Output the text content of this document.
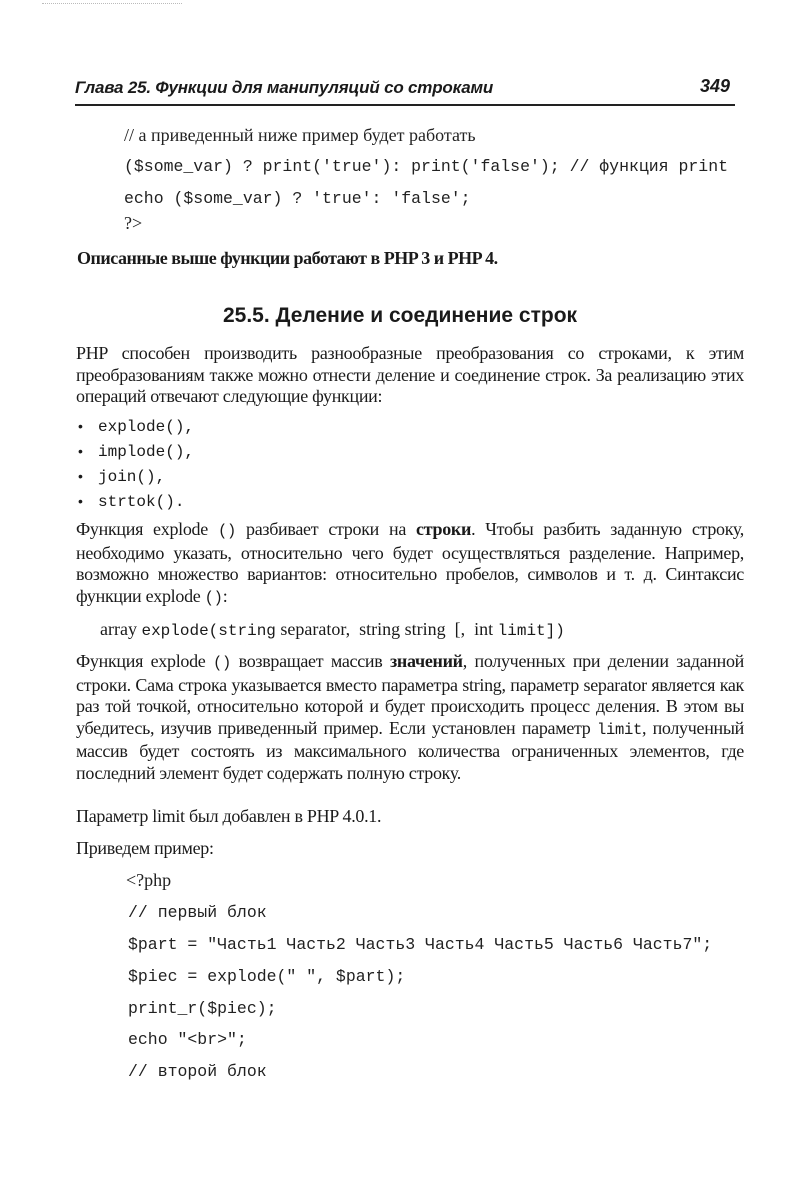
Глава 25. Функции для манипуляций со строками	349
// а приведенный ниже пример будет работать
($some_var) ? print('true'): print('false'); // функция print
echo ($some_var) ? 'true': 'false';
?>
Описанные выше функции работают в PHP 3 и PHP 4.
25.5. Деление и соединение строк
PHP способен производить разнообразные преобразования со строками, к этим преобразованиям также можно отнести деление и соединение строк. За реализацию этих операций отвечают следующие функции:
• explode(),
• implode(),
• join(),
• strtok().
Функция explode () разбивает строки на строки. Чтобы разбить заданную строку, необходимо указать, относительно чего будет осуществляться разделение. Например, возможно множество вариантов: относительно пробелов, символов и т. д. Синтаксис функции explode ():
array explode(string separator,  string string  [,  int limit])
Функция explode () возвращает массив значений, полученных при делении заданной строки. Сама строка указывается вместо параметра string, параметр separator является как раз той точкой, относительно которой и будет происходить процесс деления. В этом вы убедитесь, изучив приведенный пример. Если установлен параметр limit, полученный массив будет состоять из максимального количества ограниченных элементов, где последний элемент будет содержать полную строку.
Параметр limit был добавлен в PHP 4.0.1.
Приведем пример:
<?php
// первый блок
$part = "Часть1 Часть2 Часть3 Часть4 Часть5 Часть6 Часть7";
$piec = explode(" ", $part);
print_r($piec);
echo "<br>";
// второй блок
